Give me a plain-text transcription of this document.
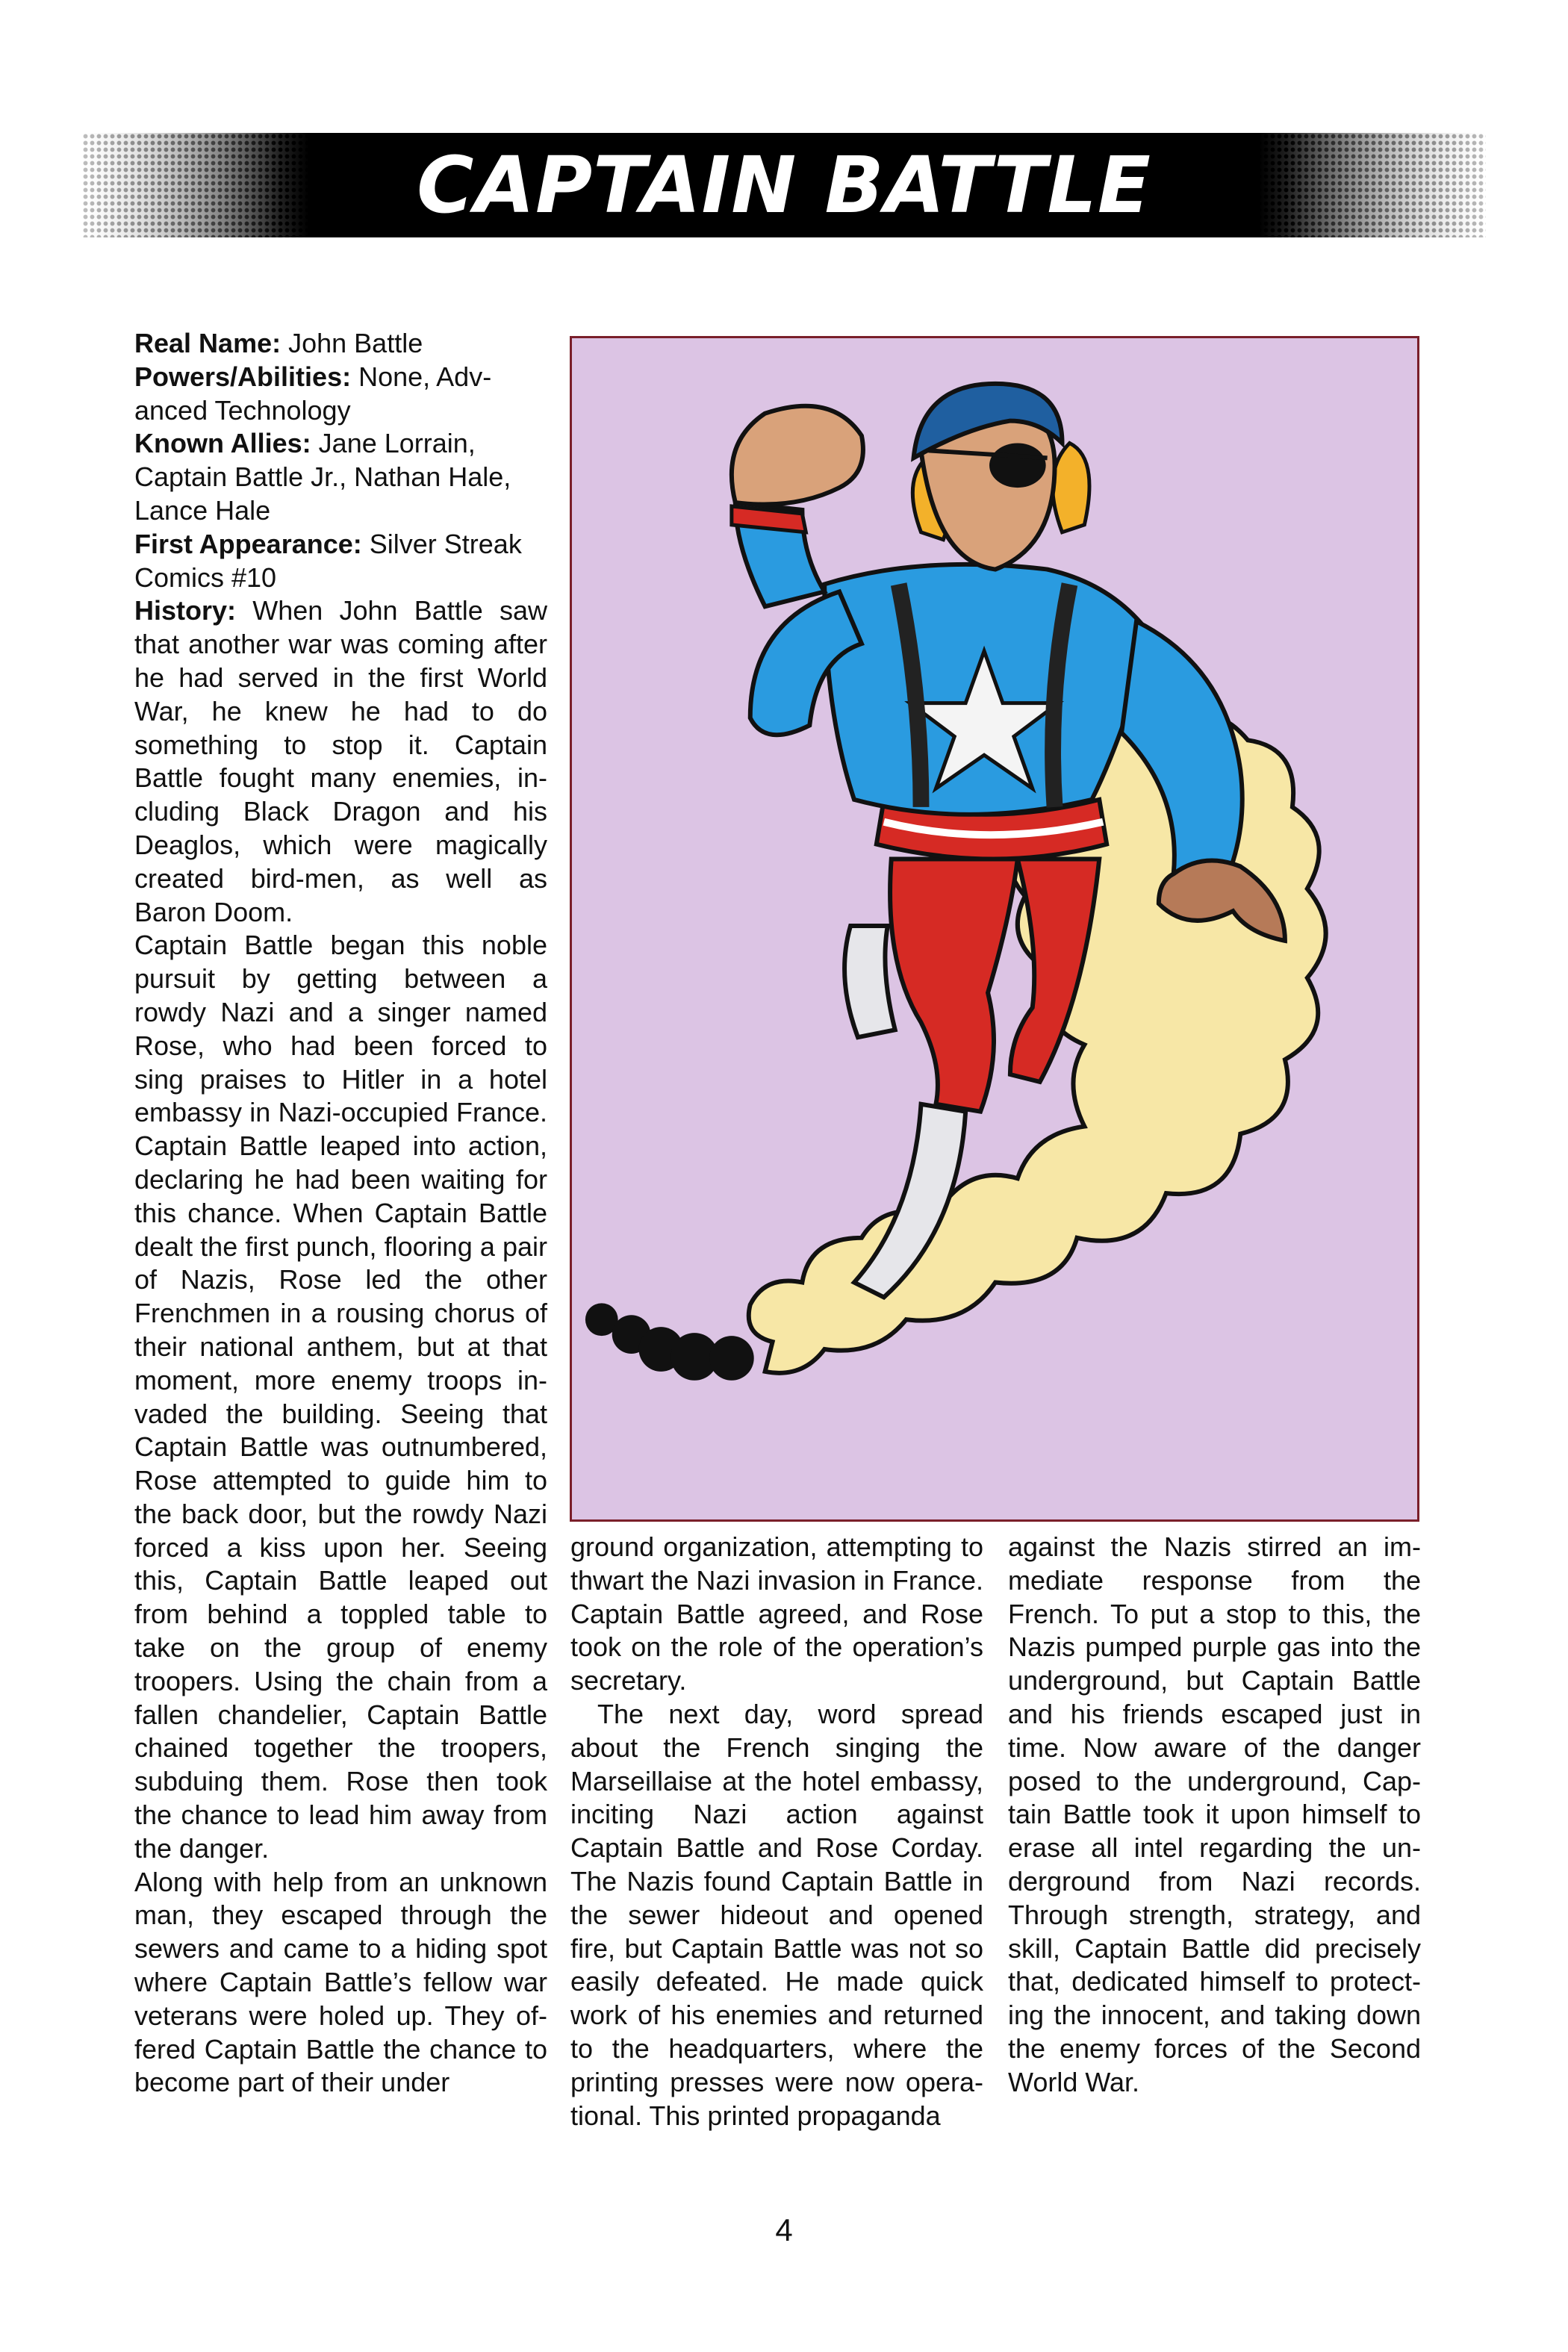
CAPTAIN BATTLE

Real Name: John Battle

Powers/Abilities: None, Advanced Technology

Known Allies: Jane Lorrain, Captain Battle Jr., Nathan Hale, Lance Hale

First Appearance: Silver Streak Comics #10

History: When John Battle saw that another war was coming after he had served in the first World War, he knew he had to do something to stop it. Captain Battle fought many enemies, including Black Dragon and his Deaglos, which were magically created bird-men, as well as Baron Doom.

Captain Battle began this noble pursuit by getting between a rowdy Nazi and a singer named Rose, who had been forced to sing praises to Hitler in a hotel embassy in Nazi-occupied France. Captain Battle leaped into action, declaring he had been waiting for this chance. When Captain Battle dealt the first punch, flooring a pair of Nazis, Rose led the other Frenchmen in a rousing chorus of their national anthem, but at that moment, more enemy troops invaded the building. Seeing that Captain Battle was outnumbered, Rose attempted to guide him to the back door, but the rowdy Nazi forced a kiss upon her. Seeing this, Captain Battle leaped out from behind a toppled table to take on the group of enemy troopers. Using the chain from a fallen chandelier, Captain Battle chained together the troopers, subduing them. Rose then took the chance to lead him away from the danger.

Along with help from an unknown man, they escaped through the sewers and came to a hiding spot where Captain Battle’s fellow war veterans were holed up. They offered Captain Battle the chance to become part of their under

ground organization, attempting to thwart the Nazi invasion in France. Captain Battle agreed, and Rose took on the role of the operation’s secretary.

The next day, word spread about the French singing the Marseillaise at the hotel embassy, inciting Nazi action against Captain Battle and Rose Corday. The Nazis found Captain Battle in the sewer hideout and opened fire, but Captain Battle was not so easily defeated. He made quick work of his enemies and returned to the headquarters, where the printing presses were now operational. This printed propaganda

against the Nazis stirred an immediate response from the French. To put a stop to this, the Nazis pumped purple gas into the underground, but Captain Battle and his friends escaped just in time. Now aware of the danger posed to the underground, Captain Battle took it upon himself to erase all intel regarding the underground from Nazi records. Through strength, strategy, and skill, Captain Battle did precisely that, dedicated himself to protecting the innocent, and taking down the enemy forces of the Second World War.

4
